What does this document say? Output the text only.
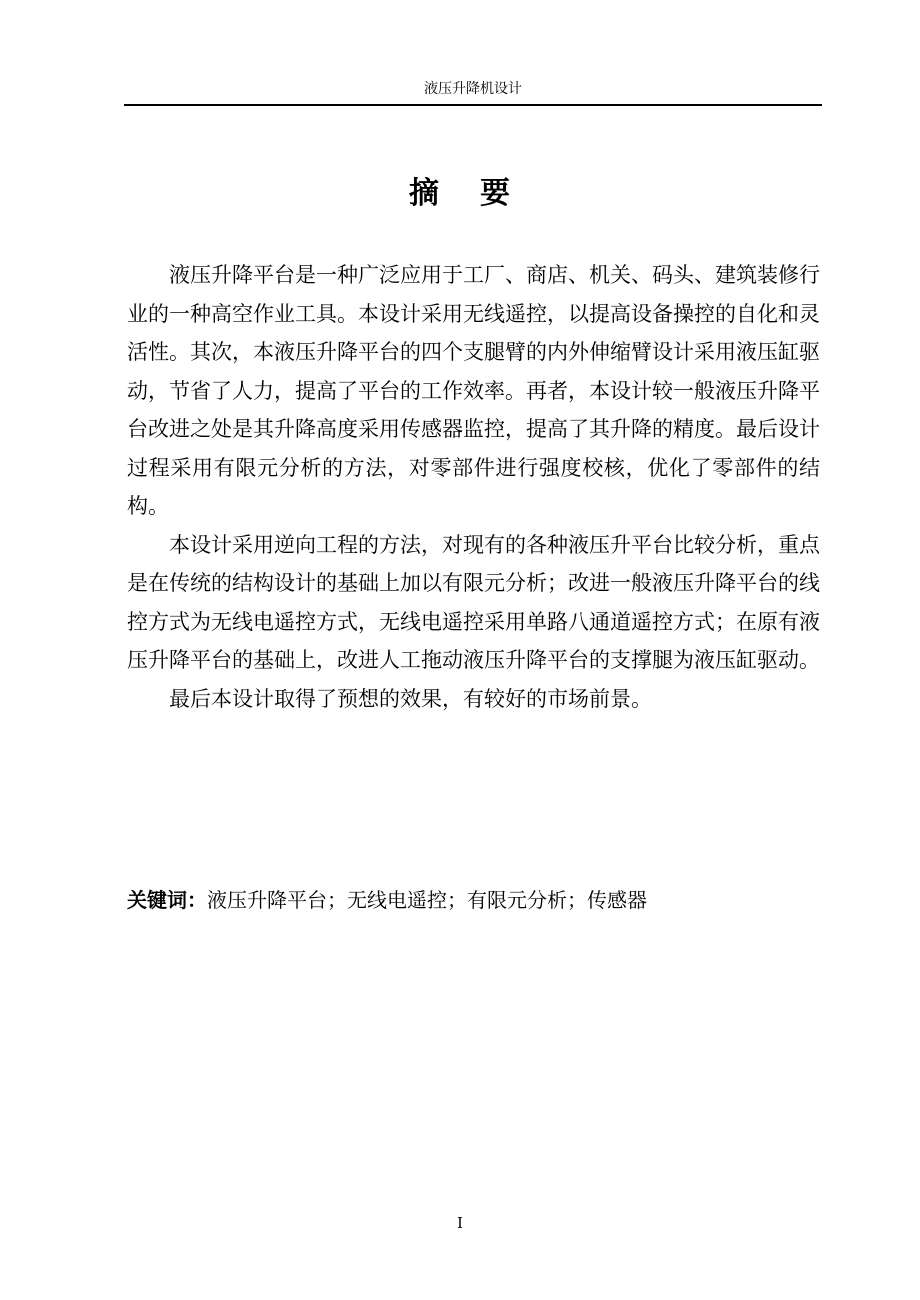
液压升降机设计
摘 要

液压升降平台是一种广泛应用于工厂、商店、机关、码头、建筑装修行业的一种高空作业工具。本设计采用无线遥控，以提高设备操控的自化和灵活性。其次，本液压升降平台的四个支腿臂的内外伸缩臂设计采用液压缸驱动，节省了人力，提高了平台的工作效率。再者，本设计较一般液压升降平台改进之处是其升降高度采用传感器监控，提高了其升降的精度。最后设计过程采用有限元分析的方法，对零部件进行强度校核，优化了零部件的结构。

本设计采用逆向工程的方法，对现有的各种液压升平台比较分析，重点是在传统的结构设计的基础上加以有限元分析；改进一般液压升降平台的线控方式为无线电遥控方式，无线电遥控采用单路八通道遥控方式；在原有液压升降平台的基础上，改进人工拖动液压升降平台的支撑腿为液压缸驱动。

最后本设计取得了预想的效果，有较好的市场前景。

关键词：液压升降平台；无线电遥控；有限元分析；传感器
I
